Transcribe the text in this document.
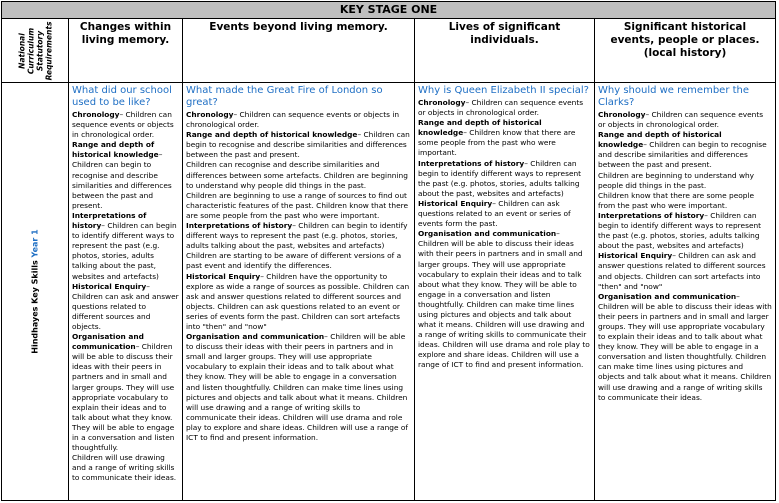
KEY STAGE ONE
National Curriculum Statutory Requirements	Changes within living memory.
Events beyond living memory.	Lives of significant individuals.
Significant historical events, people or places. (local history)
Hindhayes Key Skills Year 1
What did our school used to be like?

Chronology– Children can sequence events or objects in chronological order.

Range and depth of historical knowledge– Children can begin to recognise and describe similarities and differences between the past and present.

Interpretations of history– Children can begin to identify different ways to represent the past (e.g. photos, stories, adults talking about the past, websites and artefacts)

Historical Enquiry– Children can ask and answer questions related to different sources and objects.

Organisation and communication– Children will be able to discuss their ideas with their peers in partners and in small and larger groups. They will use appropriate vocabulary to explain their ideas and to talk about what they know. They will be able to engage in a conversation and listen thoughtfully.

Children will use drawing and a range of writing skills to communicate their ideas.

What made the Great Fire of London so great?

Chronology– Children can sequence events or objects in chronological order.

Range and depth of historical knowledge– Children can begin to recognise and describe similarities and differences between the past and present.

Children can recognise and describe similarities and differences between some artefacts. Children are beginning to understand why people did things in the past.

Children are beginning to use a range of sources to find out characteristic features of the past. Children know that there are some people from the past who were important.

Interpretations of history– Children can begin to identify different ways to represent the past (e.g. photos, stories, adults talking about the past, websites and artefacts)

Children are starting to be aware of different versions of a past event and identify the differences.

Historical Enquiry– Children have the opportunity to explore as wide a range of sources as possible. Children can ask and answer questions related to different sources and objects. Children can ask questions related to an event or series of events form the past. Children can sort artefacts into "then" and "now"

Organisation and communication– Children will be able to discuss their ideas with their peers in partners and in small and larger groups. They will use appropriate vocabulary to explain their ideas and to talk about what they know. They will be able to engage in a conversation and listen thoughtfully. Children can make time lines using pictures and objects and talk about what it means. Children will use drawing and a range of writing skills to communicate their ideas. Children will use drama and role play to explore and share ideas. Children will use a range of ICT to find and present information.

Why is Queen Elizabeth II special?

Chronology– Children can sequence events or objects in chronological order.

Range and depth of historical knowledge– Children know that there are some people from the past who were important.

Interpretations of history– Children can begin to identify different ways to represent the past (e.g. photos, stories, adults talking about the past, websites and artefacts)

Historical Enquiry– Children can ask questions related to an event or series of events form the past.

Organisation and communication– Children will be able to discuss their ideas with their peers in partners and in small and larger groups. They will use appropriate vocabulary to explain their ideas and to talk about what they know. They will be able to engage in a conversation and listen thoughtfully. Children can make time lines using pictures and objects and talk about what it means. Children will use drawing and a range of writing skills to communicate their ideas. Children will use drama and role play to explore and share ideas. Children will use a range of ICT to find and present information.

Why should we remember the Clarks?

Chronology– Children can sequence events or objects in chronological order.

Range and depth of historical knowledge– Children can begin to recognise and describe similarities and differences between the past and present.

Children are beginning to understand why people did things in the past.

Children know that there are some people from the past who were important.

Interpretations of history– Children can begin to identify different ways to represent the past (e.g. photos, stories, adults talking about the past, websites and artefacts)

Historical Enquiry– Children can ask and answer questions related to different sources and objects. Children can sort artefacts into "then" and "now"

Organisation and communication– Children will be able to discuss their ideas with their peers in partners and in small and larger groups. They will use appropriate vocabulary to explain their ideas and to talk about what they know. They will be able to engage in a conversation and listen thoughtfully. Children can make time lines using pictures and objects and talk about what it means. Children will use drawing and a range of writing skills to communicate their ideas.
